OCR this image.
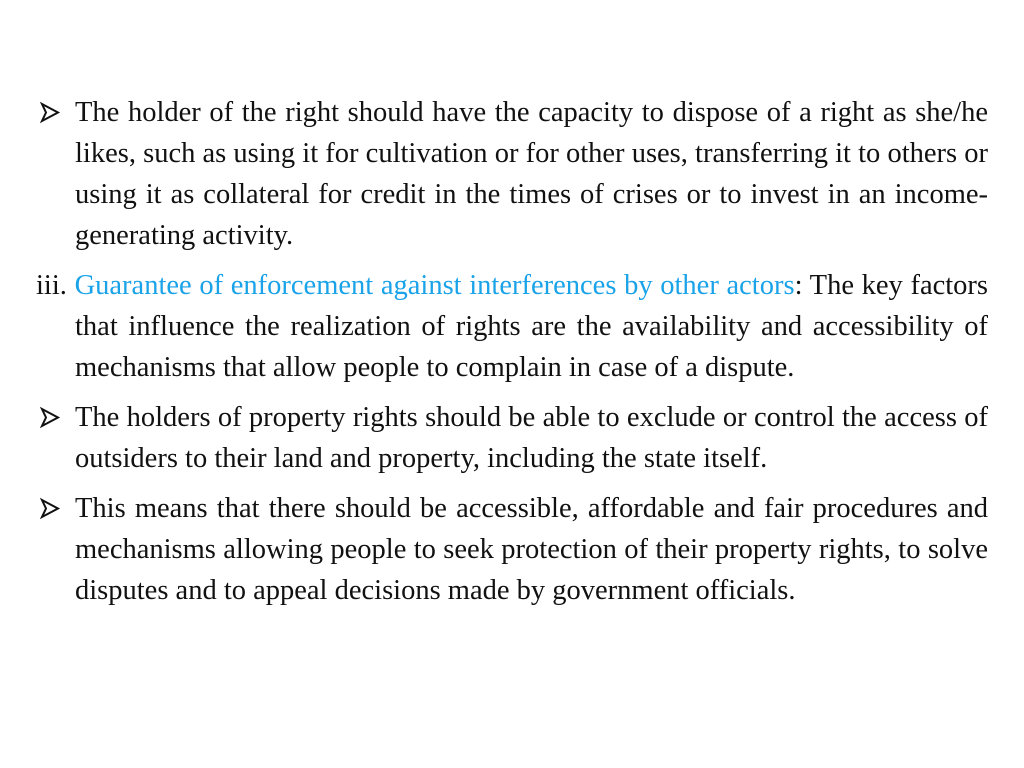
The holder of the right should have the capacity to dispose of a right as she/he likes, such as using it for cultivation or for other uses, transferring it to others or using it as collateral for credit in the times of crises or to invest in an income-generating activity.
iii. Guarantee of enforcement against interferences by other actors: The key factors that influence the realization of rights are the availability and accessibility of mechanisms that allow people to complain in case of a dispute.
The holders of property rights should be able to exclude or control the access of outsiders to their land and property, including the state itself.
This means that there should be accessible, affordable and fair procedures and mechanisms allowing people to seek protection of their property rights, to solve disputes and to appeal decisions made by government officials.
